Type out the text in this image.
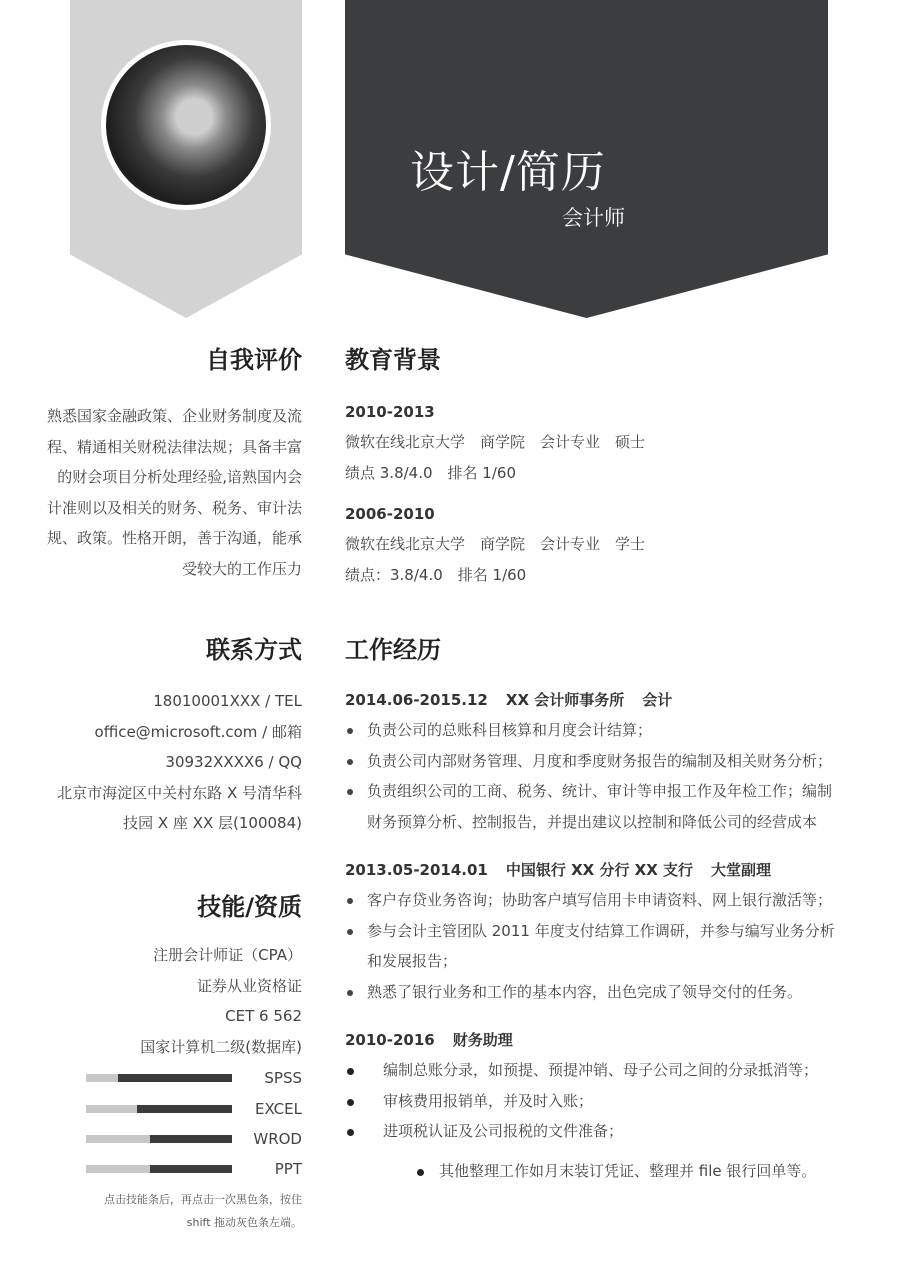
设计/简历
会计师
自我评价
熟悉国家金融政策、企业财务制度及流
程、精通相关财税法律法规；具备丰富
的财会项目分析处理经验,谙熟国内会
计准则以及相关的财务、税务、审计法
规、政策。性格开朗，善于沟通，能承
受较大的工作压力
联系方式
18010001XXX / TEL
office@microsoft.com / 邮箱
30932XXXX6 / QQ
北京市海淀区中关村东路 X 号清华科
技园 X 座 XX 层(100084)
技能/资质
注册会计师证（CPA）
证券从业资格证
CET 6 562
国家计算机二级(数据库)
SPSS
EXCEL
WROD
PPT
点击技能条后，再点击一次黑色条，按住
shift 拖动灰色条左端。
教育背景
2010-2013
微软在线北京大学　商学院　会计专业　硕士
绩点 3.8/4.0　排名 1/60
2006-2010
微软在线北京大学　商学院　会计专业　学士
绩点：3.8/4.0　排名 1/60
工作经历
2014.06-2015.12 XX 会计师事务所 会计
负责公司的总账科目核算和月度会计结算；
负责公司内部财务管理、月度和季度财务报告的编制及相关财务分析；
负责组织公司的工商、税务、统计、审计等申报工作及年检工作；编制财务预算分析、控制报告，并提出建议以控制和降低公司的经营成本
2013.05-2014.01 中国银行 XX 分行 XX 支行 大堂副理
客户存贷业务咨询；协助客户填写信用卡申请资料、网上银行激活等；
参与会计主管团队 2011 年度支付结算工作调研，并参与编写业务分析和发展报告；
熟悉了银行业务和工作的基本内容，出色完成了领导交付的任务。
2010-2016 财务助理
编制总账分录，如预提、预提冲销、母子公司之间的分录抵消等；
审核费用报销单，并及时入账；
进项税认证及公司报税的文件准备；
其他整理工作如月末装订凭证、整理并 file 银行回单等。
